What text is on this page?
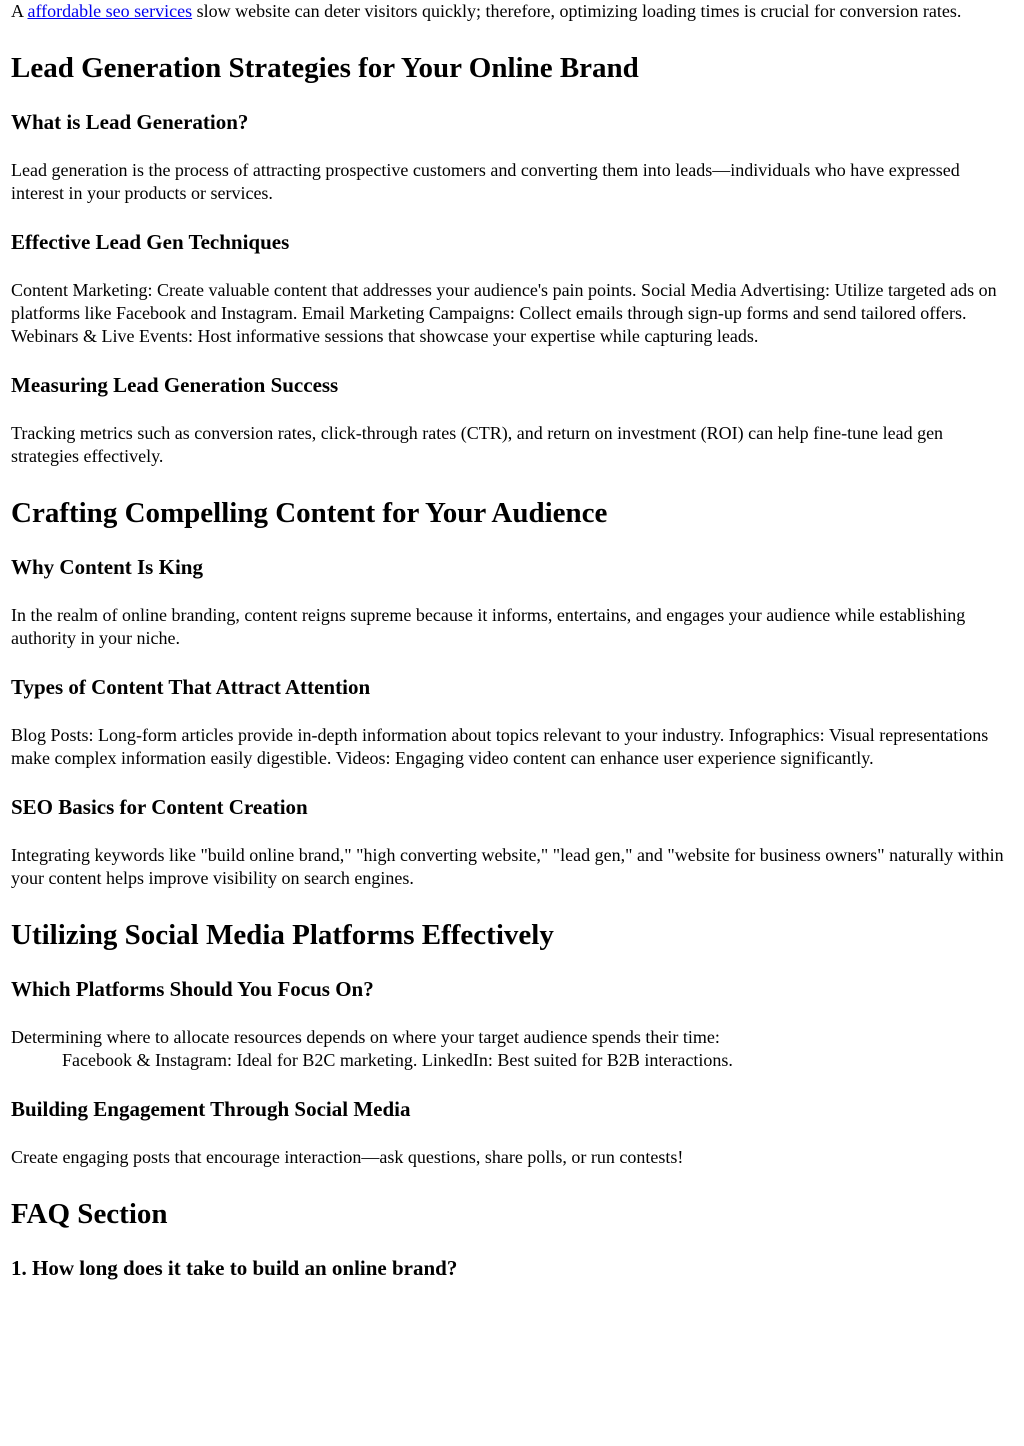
A affordable seo services slow website can deter visitors quickly; therefore, optimizing loading times is crucial for conversion rates.

Lead Generation Strategies for Your Online Brand
What is Lead Generation?

Lead generation is the process of attracting prospective customers and converting them into leads—individuals who have expressed interest in your products or services.

Effective Lead Gen Techniques

Content Marketing: Create valuable content that addresses your audience's pain points. Social Media Advertising: Utilize targeted ads on platforms like Facebook and Instagram. Email Marketing Campaigns: Collect emails through sign-up forms and send tailored offers. Webinars & Live Events: Host informative sessions that showcase your expertise while capturing leads.

Measuring Lead Generation Success

Tracking metrics such as conversion rates, click-through rates (CTR), and return on investment (ROI) can help fine-tune lead gen strategies effectively.

Crafting Compelling Content for Your Audience
Why Content Is King

In the realm of online branding, content reigns supreme because it informs, entertains, and engages your audience while establishing authority in your niche.

Types of Content That Attract Attention

Blog Posts: Long-form articles provide in-depth information about topics relevant to your industry. Infographics: Visual representations make complex information easily digestible. Videos: Engaging video content can enhance user experience significantly.

SEO Basics for Content Creation

Integrating keywords like "build online brand," "high converting website," "lead gen," and "website for business owners" naturally within your content helps improve visibility on search engines.

Utilizing Social Media Platforms Effectively
Which Platforms Should You Focus On?

Determining where to allocate resources depends on where your target audience spends their time:

Facebook & Instagram: Ideal for B2C marketing. LinkedIn: Best suited for B2B interactions.
Building Engagement Through Social Media

Create engaging posts that encourage interaction—ask questions, share polls, or run contests!

FAQ Section
1. How long does it take to build an online brand?
